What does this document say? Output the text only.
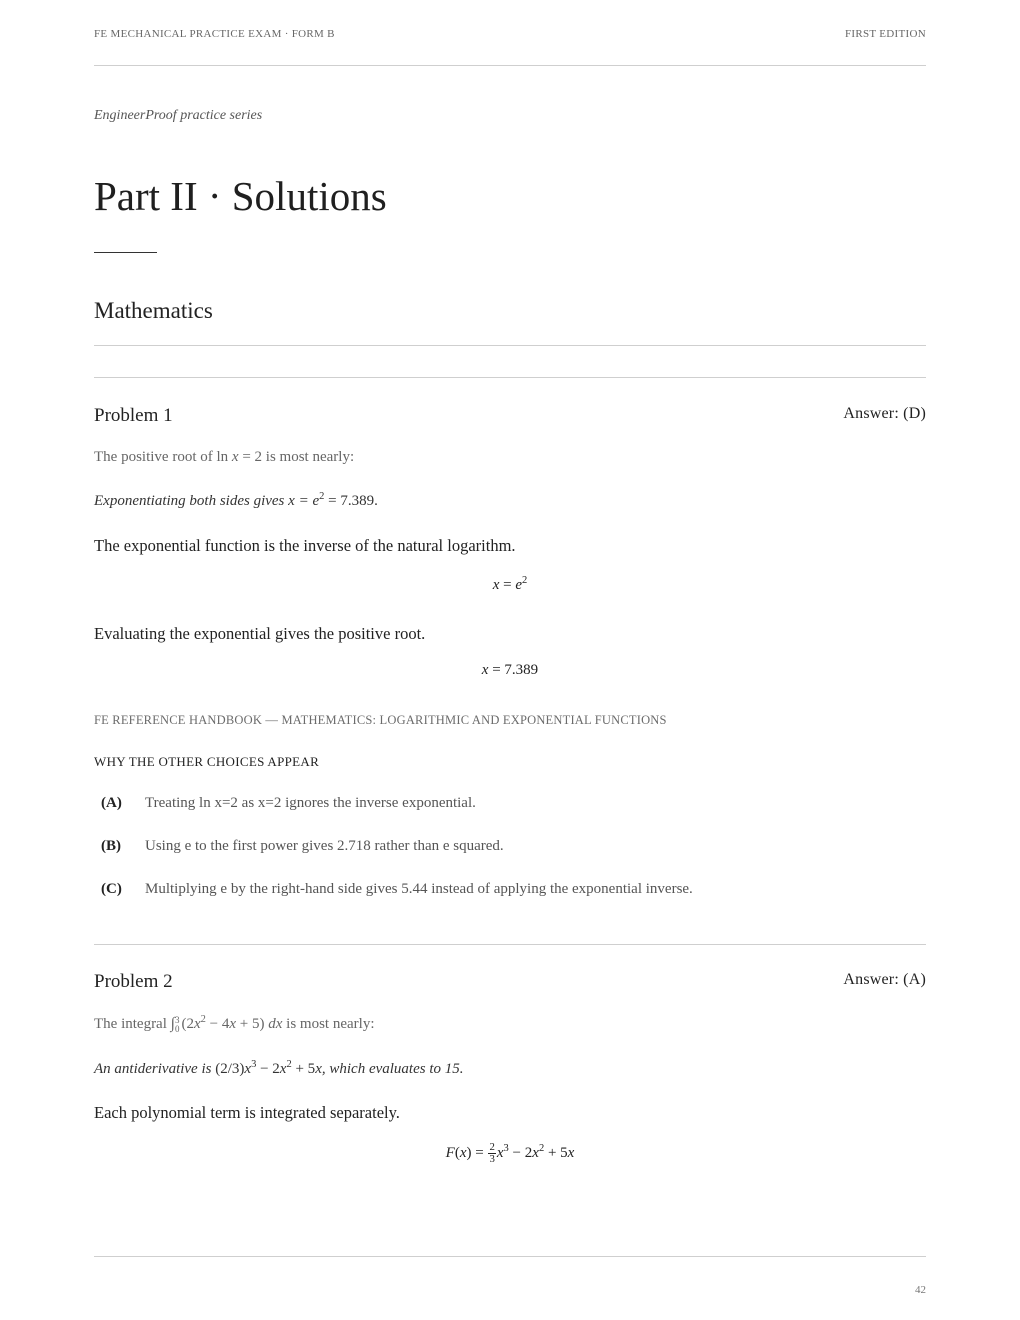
FE MECHANICAL PRACTICE EXAM · FORM B	FIRST EDITION
EngineerProof practice series
Part II · Solutions
Mathematics
Problem 1	Answer: (D)
The positive root of ln x = 2 is most nearly:
Exponentiating both sides gives $x = e^2 = 7.389$.
The exponential function is the inverse of the natural logarithm.
$x = e^2$
Evaluating the exponential gives the positive root.
x = 7.389
FE REFERENCE HANDBOOK — MATHEMATICS: LOGARITHMIC AND EXPONENTIAL FUNCTIONS
WHY THE OTHER CHOICES APPEAR
(A) Treating ln x=2 as x=2 ignores the inverse exponential.
(B) Using e to the first power gives 2.718 rather than e squared.
(C) Multiplying e by the right-hand side gives 5.44 instead of applying the exponential inverse.
Problem 2	Answer: (A)
The integral ∫ 3
0 $(2x^2 - 4x + 5)$ dx is most nearly:
An antiderivative is $(2/3)x^3 - 2x^2 + 5x$, which evaluates to 15.
Each polynomial term is integrated separately.
$F(x) = \frac{2}{3} x^3 - 2x^2 + 5x$
42
